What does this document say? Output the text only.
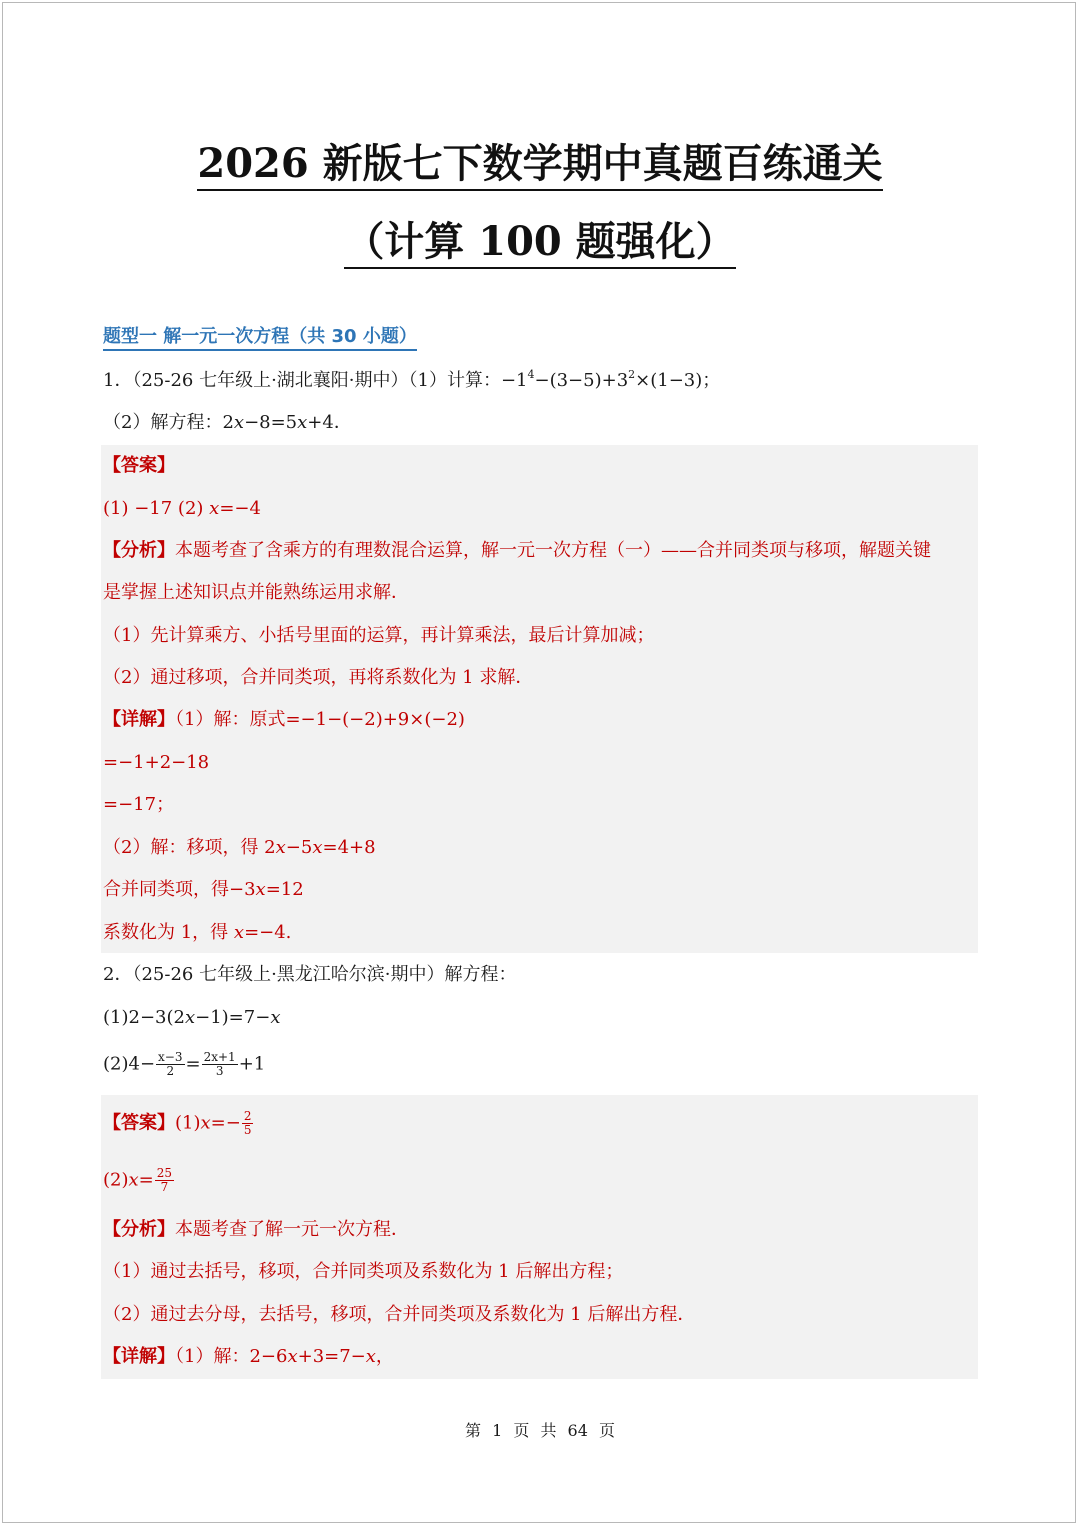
2026 新版七下数学期中真题百练通关
（计算 100 题强化）
题型一 解一元一次方程（共 30 小题）
1．（25-26 七年级上·湖北襄阳·期中）（1）计算：$-1^4-(3-5)+3^2\times(1-3)$；
（2）解方程：2x−8=5x+4．
【答案】
(1) −17 (2) x=−4
【分析】本题考查了含乘方的有理数混合运算，解一元一次方程（一）——合并同类项与移项，解题关键
是掌握上述知识点并能熟练运用求解．
（1）先计算乘方、小括号里面的运算，再计算乘法，最后计算加减；
（2）通过移项，合并同类项，再将系数化为 1 求解．
【详解】（1）解：原式=−1−(−2)+9×(−2)
=−1+2−18
=−17；
（2）解：移项，得 2x−5x=4+8
合并同类项，得−3x=12
系数化为 1，得 x=−4.
2．（25-26 七年级上·黑龙江哈尔滨·期中）解方程：
(1)2−3(2x−1)=7−x
$(2)4- \frac{x-3}{2} = \frac{2x+1}{3} +1$
【答案】$(1)x=- \frac{2}{5}$
$(2)x= \frac{25}{7}$
【分析】本题考查了解一元一次方程．
（1）通过去括号，移项，合并同类项及系数化为 1 后解出方程；
（2）通过去分母，去括号，移项，合并同类项及系数化为 1 后解出方程．
【详解】（1）解：2−6x+3=7−x，
第 1 页 共 64 页
